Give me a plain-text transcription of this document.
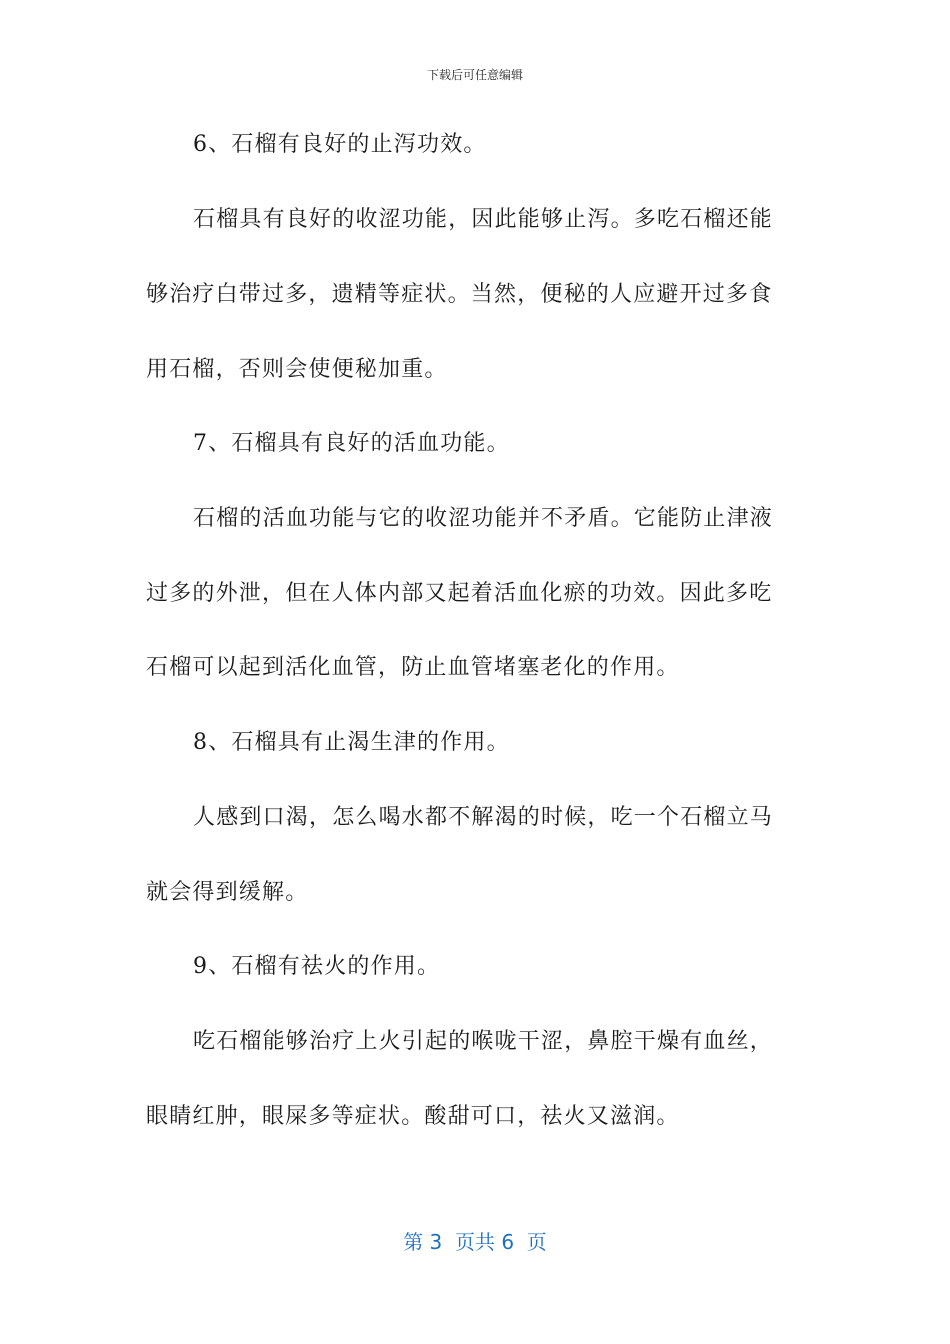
下载后可任意编辑
6、石榴有良好的止泻功效。
石榴具有良好的收涩功能，因此能够止泻。多吃石榴还能
够治疗白带过多，遗精等症状。当然，便秘的人应避开过多食
用石榴，否则会使便秘加重。
7、石榴具有良好的活血功能。
石榴的活血功能与它的收涩功能并不矛盾。它能防止津液
过多的外泄，但在人体内部又起着活血化瘀的功效。因此多吃
石榴可以起到活化血管，防止血管堵塞老化的作用。
8、石榴具有止渴生津的作用。
人感到口渴，怎么喝水都不解渴的时候，吃一个石榴立马
就会得到缓解。
9、石榴有祛火的作用。
吃石榴能够治疗上火引起的喉咙干涩，鼻腔干燥有血丝，
眼睛红肿，眼屎多等症状。酸甜可口，祛火又滋润。
第 3  页共 6  页
